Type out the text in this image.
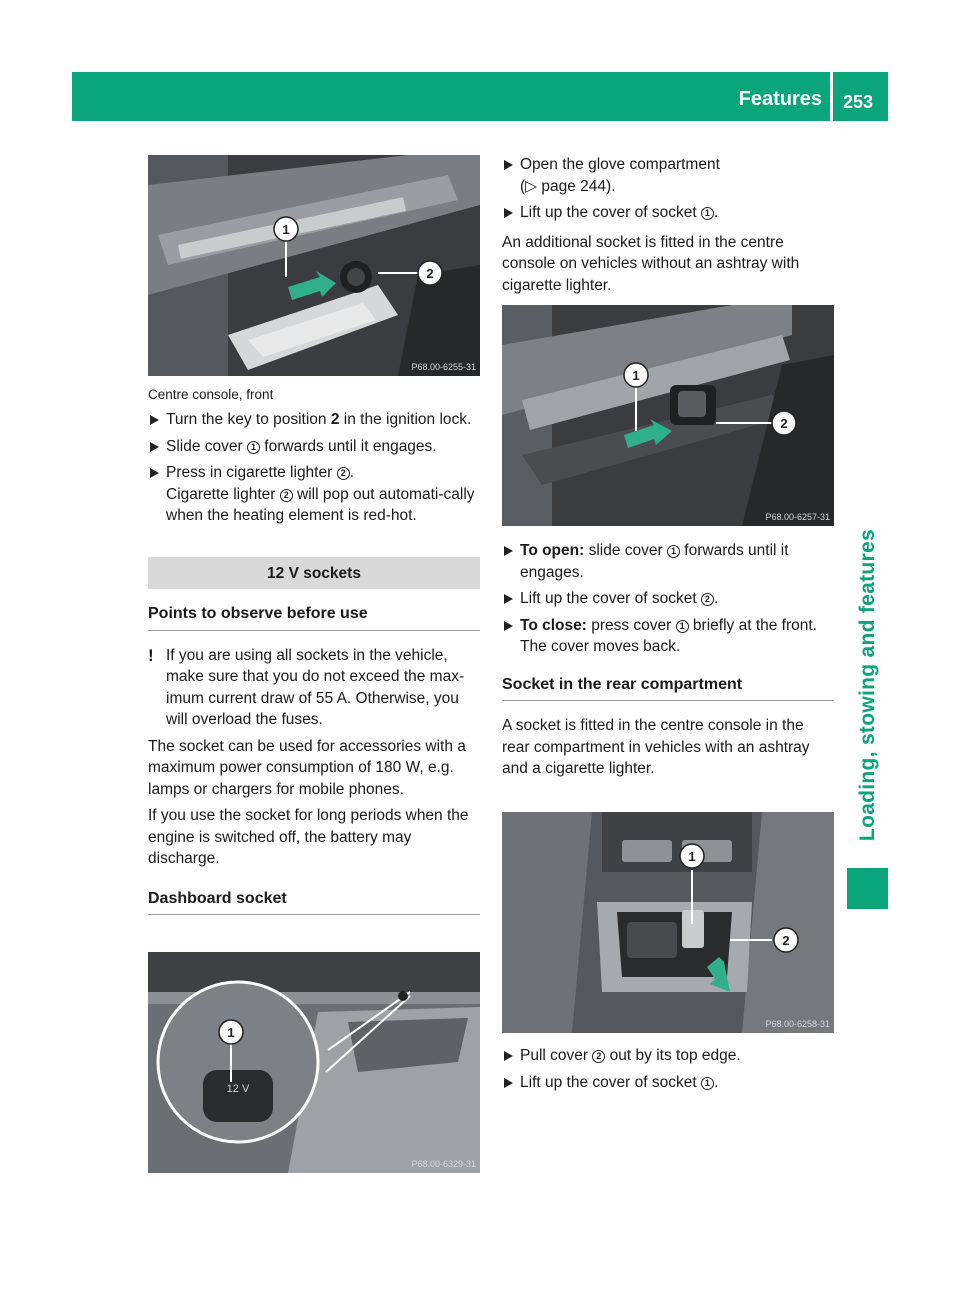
Features 253
Loading, stowing and features
1
2
P68.00-6255-31
Centre console, front
Turn the key to position 2 in the ignition lock.
Slide cover 1 forwards until it engages.
Press in cigarette lighter 2 .
Cigarette lighter 2 will pop out automati-cally when the heating element is red-hot.
12 V sockets
Points to observe before use
! If you are using all sockets in the vehicle, make sure that you do not exceed the max-imum current draw of 55 A. Otherwise, you will overload the fuses.
The socket can be used for accessories with a maximum power consumption of 180 W, e.g. lamps or chargers for mobile phones.
If you use the socket for long periods when the engine is switched off, the battery may discharge.
Dashboard socket
12 V
1
P68.00-6329-31
Open the glove compartment
(▷ page 244).
Lift up the cover of socket 1 .
An additional socket is fitted in the centre console on vehicles without an ashtray with cigarette lighter.
1
2
P68.00-6257-31
To open: slide cover 1 forwards until it engages.
Lift up the cover of socket 2 .
To close: press cover 1 briefly at the front.
The cover moves back.
Socket in the rear compartment
A socket is fitted in the centre console in the rear compartment in vehicles with an ashtray and a cigarette lighter.
1
2
P68.00-6258-31
Pull cover 2 out by its top edge.
Lift up the cover of socket 1 .
